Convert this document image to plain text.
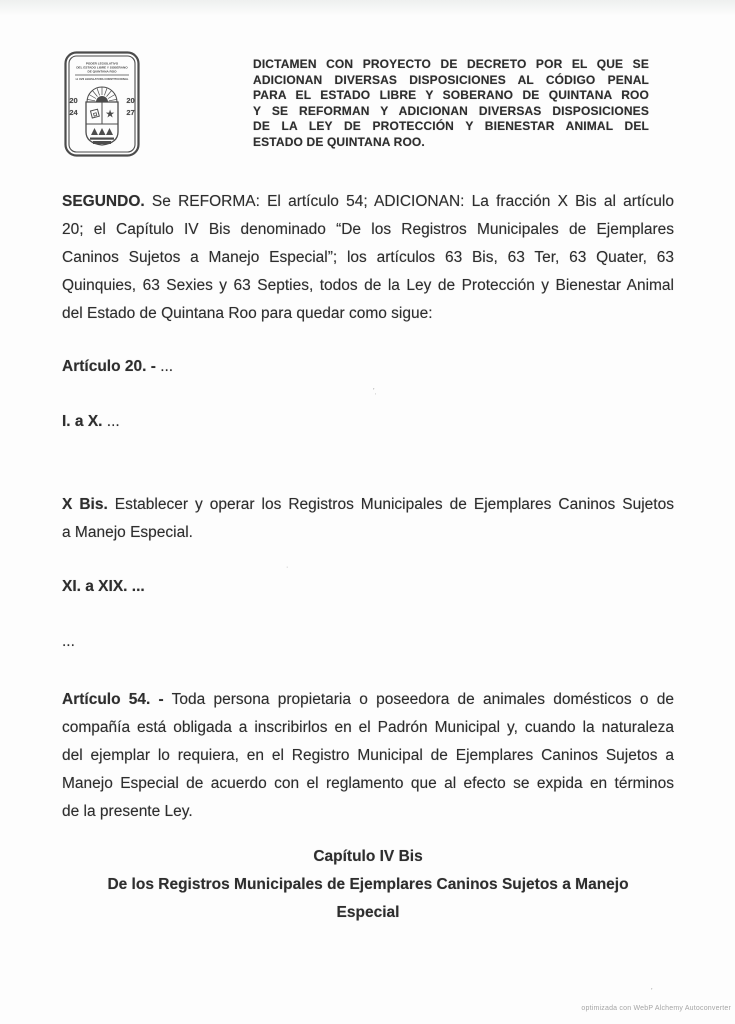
PODER LEGISLATIVO
DEL ESTADO LIBRE Y SOBERANO
DE QUINTANA ROO
H. XVII LEGISLATURA CONSTITUCIONAL
★
2024
2027
DICTAMEN CON PROYECTO DE DECRETO POR EL QUE SE
ADICIONAN DIVERSAS DISPOSICIONES AL CÓDIGO PENAL
PARA EL ESTADO LIBRE Y SOBERANO DE QUINTANA ROO
Y SE REFORMAN Y ADICIONAN DIVERSAS DISPOSICIONES
DE LA LEY DE PROTECCIÓN Y BIENESTAR ANIMAL DEL
ESTADO DE QUINTANA ROO.
SEGUNDO. Se REFORMA: El artículo 54; ADICIONAN: La fracción X Bis al artículo
20; el Capítulo IV Bis denominado “De los Registros Municipales de Ejemplares
Caninos Sujetos a Manejo Especial”; los artículos 63 Bis, 63 Ter, 63 Quater, 63
Quinquies, 63 Sexies y 63 Septies, todos de la Ley de Protección y Bienestar Animal
del Estado de Quintana Roo para quedar como sigue:
Artículo 20. - ...
I. a X. ...
X Bis. Establecer y operar los Registros Municipales de Ejemplares Caninos Sujetos
a Manejo Especial.
XI. a XIX. ...
...
Artículo 54. - Toda persona propietaria o poseedora de animales domésticos o de
compañía está obligada a inscribirlos en el Padrón Municipal y, cuando la naturaleza
del ejemplar lo requiera, en el Registro Municipal de Ejemplares Caninos Sujetos a
Manejo Especial de acuerdo con el reglamento que al efecto se expida en términos
de la presente Ley.
Capítulo IV Bis
De los Registros Municipales de Ejemplares Caninos Sujetos a Manejo
Especial
’ˌ
·
’
optimizada con WebP Alchemy Autoconverter
